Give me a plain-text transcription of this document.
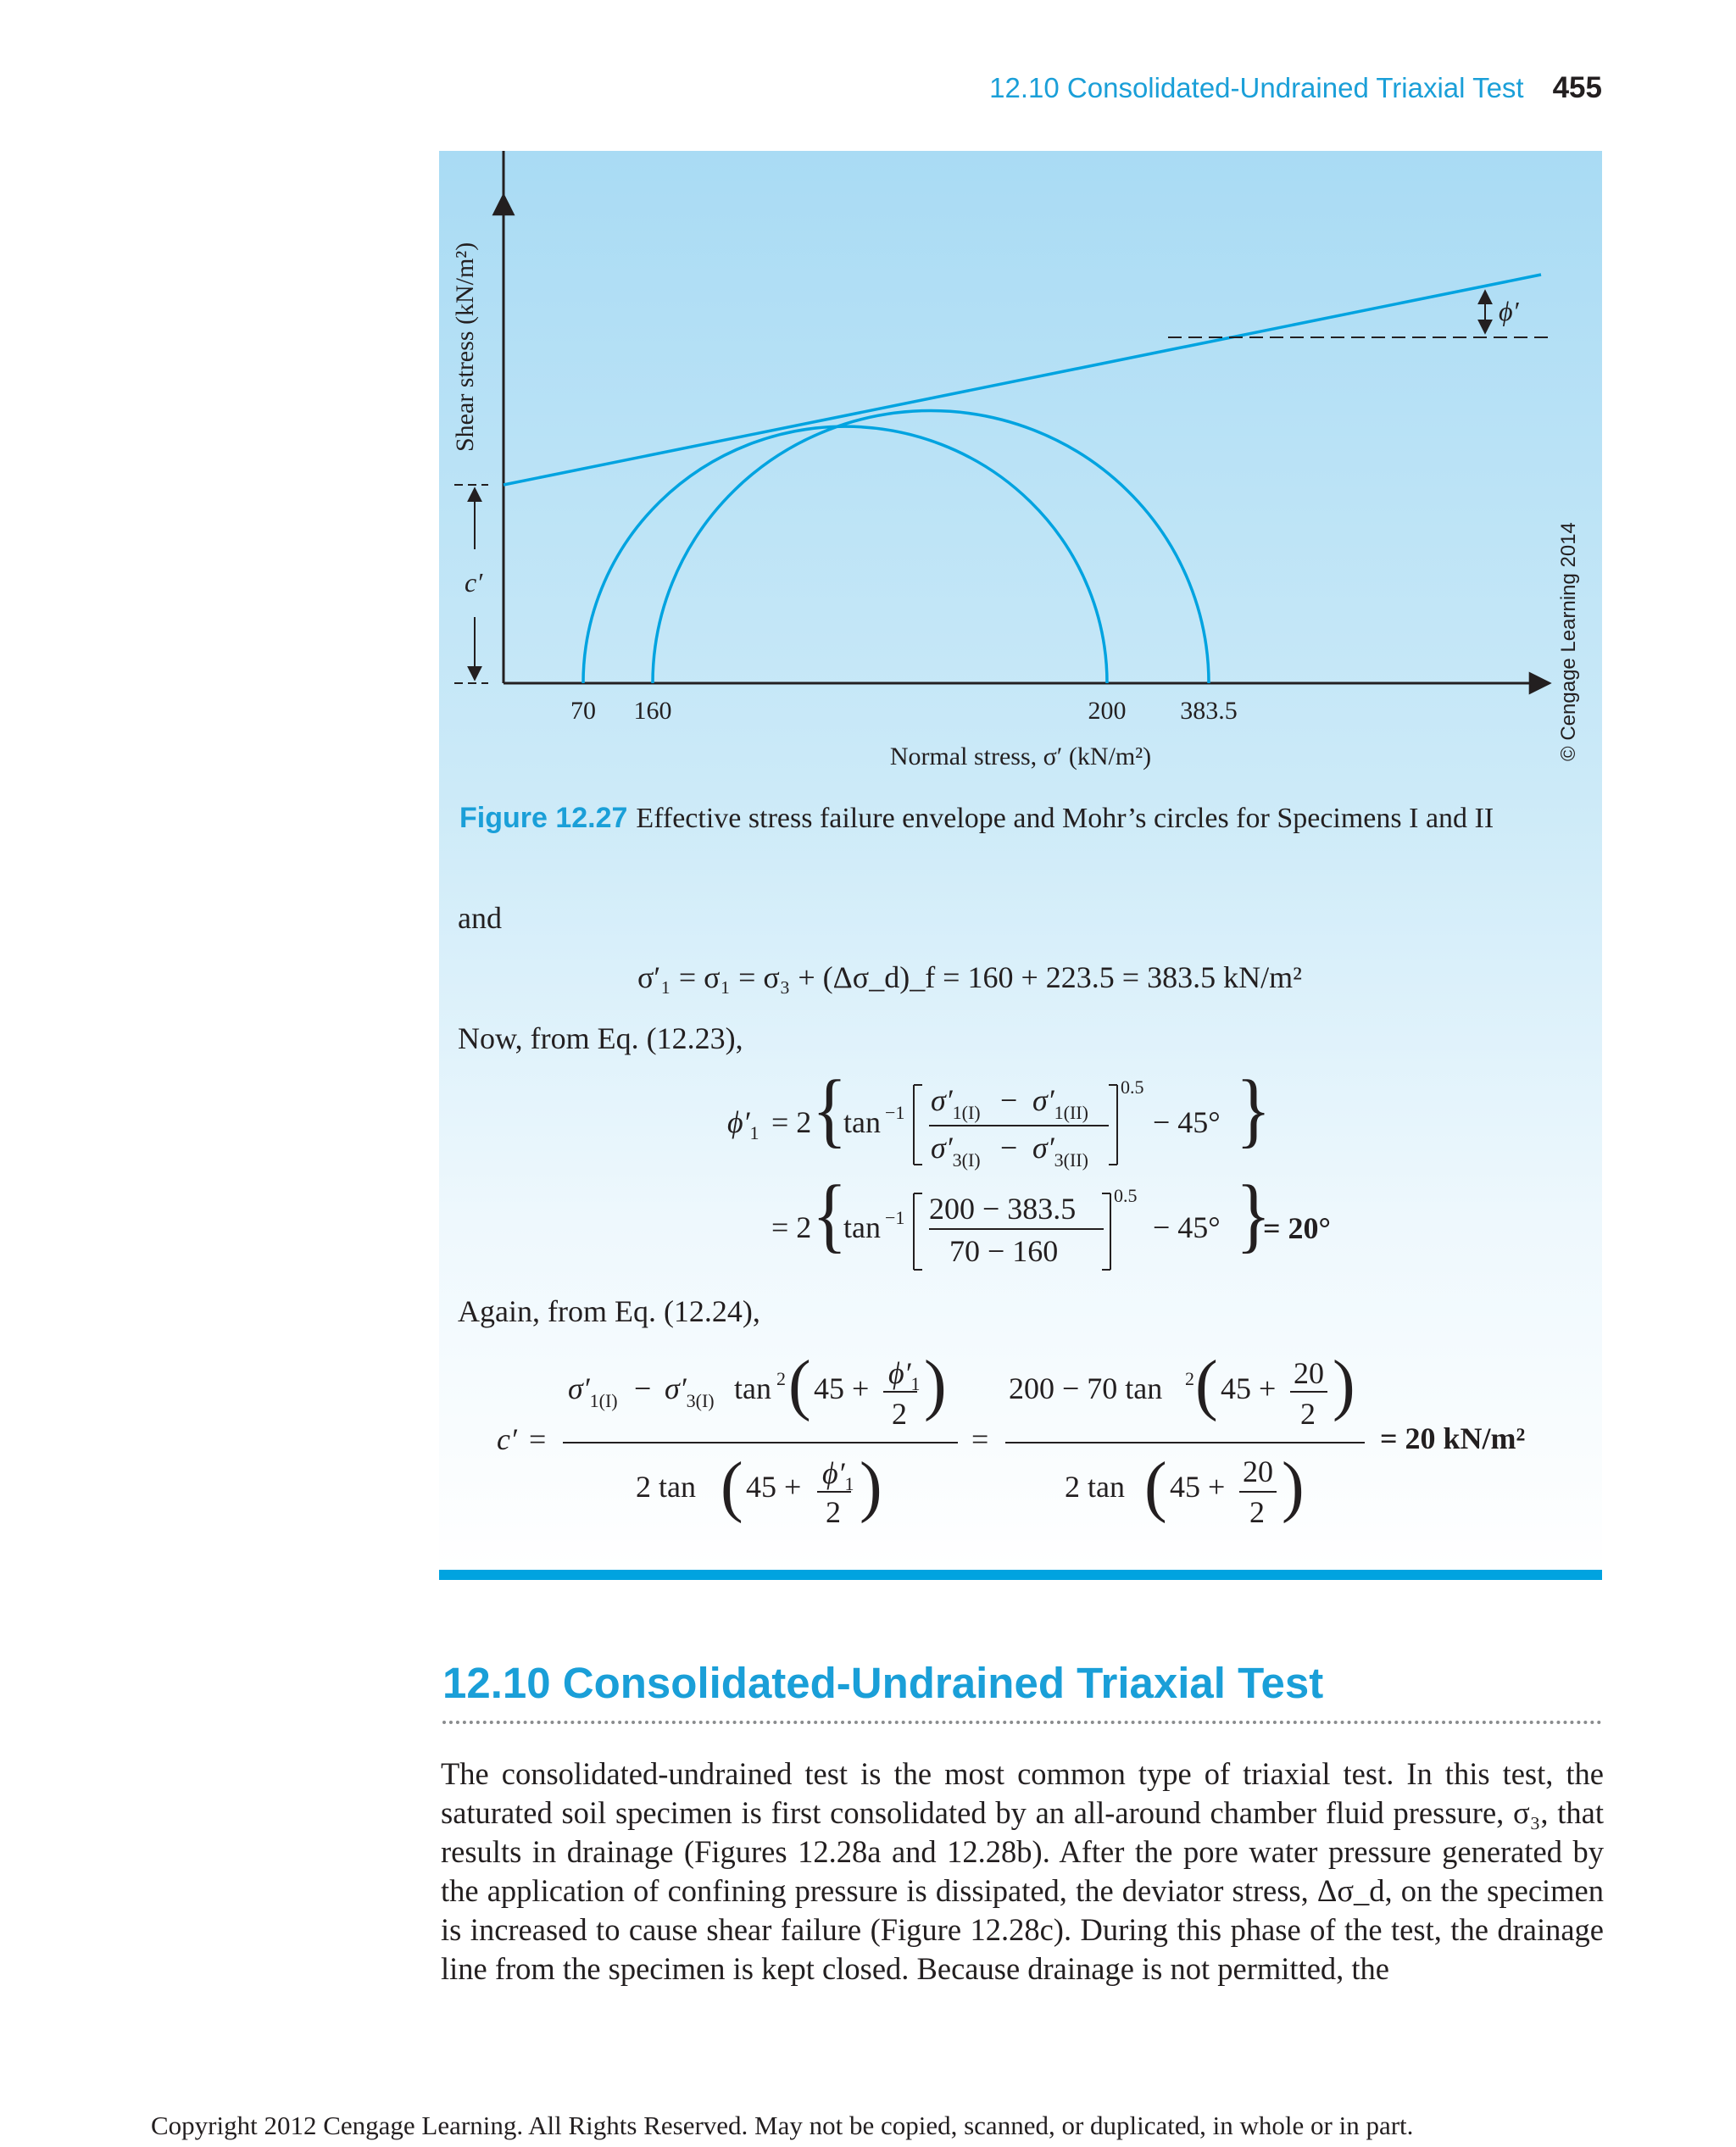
12.10 Consolidated-Undrained Triaxial Test 455
c′
Shear stress (kN/m²)	ϕ′
70 160	200 383.5
Normal stress, σ′ (kN/m²)	© Cengage Learning 2014
Figure 12.27 Effective stress failure envelope and Mohr’s circles for Specimens I and II
and
σ′₁ = σ₁ = σ₃ + (Δσ_d)_f = 160 + 223.5 = 383.5 kN/m²
Now, from Eq. (12.23),
$\phi'_1 = 2$ {
tan −1 $\sigma'_{1(I)} - \sigma'_{1(II)}$
$\sigma'_{3(I)} - \sigma'_{3(II)}$
0.5
− 45° }
= 2 {
tan −1 200 − 383.5
70 − 160
0.5
− 45° }
= 20°
Again, from Eq. (12.24),
c′ =
$\sigma'_{1(I)} - \sigma'_{3(I)}$ tan 2 ( $45 + \phi'_1$
2 )
2 tan ( $45 + \phi'_1$
2 )
=
200 − 70 tan 2 ( 45 + 20
2 )
2 tan ( 45 + 20
2 )
= 20 kN/m²
12.10 Consolidated-Undrained Triaxial Test
The consolidated-undrained test is the most common type of triaxial test. In this test, the saturated soil specimen is first consolidated by an all-around chamber fluid pressure, σ₃, that results in drainage (Figures 12.28a and 12.28b). After the pore water pressure generated by the application of confining pressure is dissipated, the deviator stress, Δσ_d, on the specimen is increased to cause shear failure (Figure 12.28c). During this phase of the test, the drainage line from the specimen is kept closed. Because drainage is not permitted, the
Copyright 2012 Cengage Learning. All Rights Reserved. May not be copied, scanned, or duplicated, in whole or in part.
